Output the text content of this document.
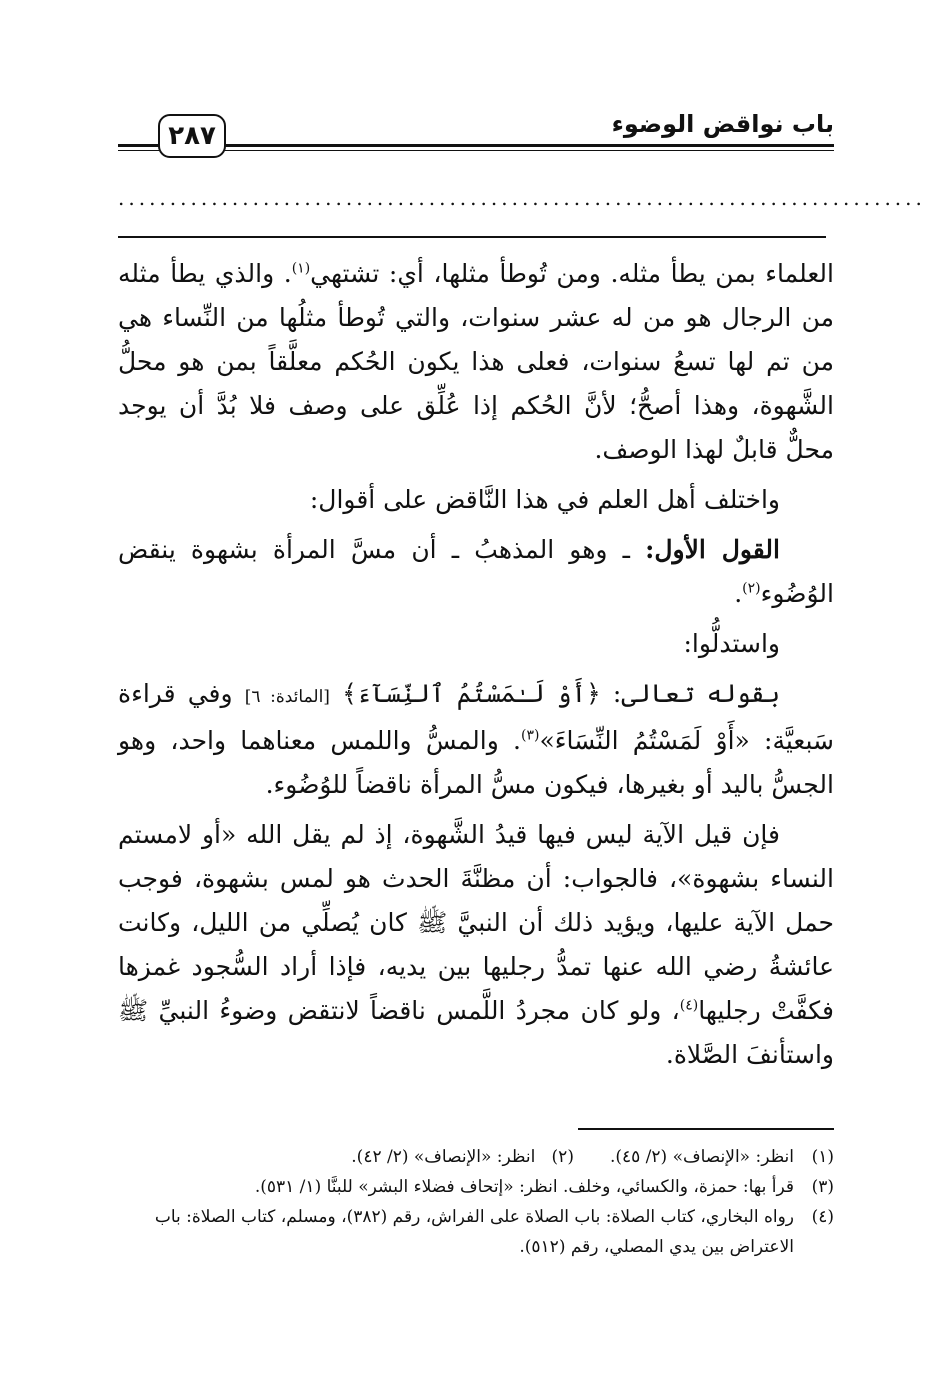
باب نواقض الوضوء
٢٨٧
..............................................................................

العلماء بمن يطأ مثله. ومن تُوطأ مثلها، أي: تشتهي$^{(١)}$. والذي يطأ مثله من الرجال هو من له عشر سنوات، والتي تُوطأ مثلُها من النِّساء هي من تم لها تسعُ سنوات، فعلى هذا يكون الحُكم معلَّقاً بمن هو محلُّ الشَّهوة، وهذا أصحُّ؛ لأنَّ الحُكم إذا عُلِّق على وصف فلا بُدَّ أن يوجد محلٌّ قابلٌ لهذا الوصف.

واختلف أهل العلم في هذا النَّاقض على أقوال:

القول الأول: ـ وهو المذهبُ ـ أن مسَّ المرأة بشهوة ينقض الوُضُوء$^{(٢)}$.

واستدلُّوا:

بقوله تعالى: ﴿أَوْ لَـٰمَسْتُمُ ٱلنِّسَآءَ﴾ [المائدة: ٦] وفي قراءة سَبعيَّة: «أَوْ لَمَسْتُمُ النِّسَاءَ»$^{(٣)}$. والمسُّ واللمس معناهما واحد، وهو الجسُّ باليد أو بغيرها، فيكون مسُّ المرأة ناقضاً للوُضُوء.

فإن قيل الآية ليس فيها قيدُ الشَّهوة، إذ لم يقل الله «أو لامستم النساء بشهوة»، فالجواب: أن مظنَّةَ الحدث هو لمس بشهوة، فوجب حمل الآية عليها، ويؤيد ذلك أن النبيَّ ﷺ كان يُصلِّي من الليل، وكانت عائشةُ رضي الله عنها تمدُّ رجليها بين يديه، فإذا أراد السُّجود غمزها فكفَّتْ رجليها$^{(٤)}$، ولو كان مجردُ اللَّمس ناقضاً لانتقض وضوءُ النبيِّ ﷺ واستأنفَ الصَّلاة.

(١)
انظر: «الإنصاف» (٢/ ٤٥).(٢)   انظر: «الإنصاف» (٢/ ٤٢).
(٣)
قرأ بها: حمزة، والكسائي، وخلف. انظر: «إتحاف فضلاء البشر» للبنَّا (١/ ٥٣١).
(٤)
رواه البخاري، كتاب الصلاة: باب الصلاة على الفراش، رقم (٣٨٢)، ومسلم، كتاب الصلاة: باب الاعتراض بين يدي المصلي، رقم (٥١٢).
